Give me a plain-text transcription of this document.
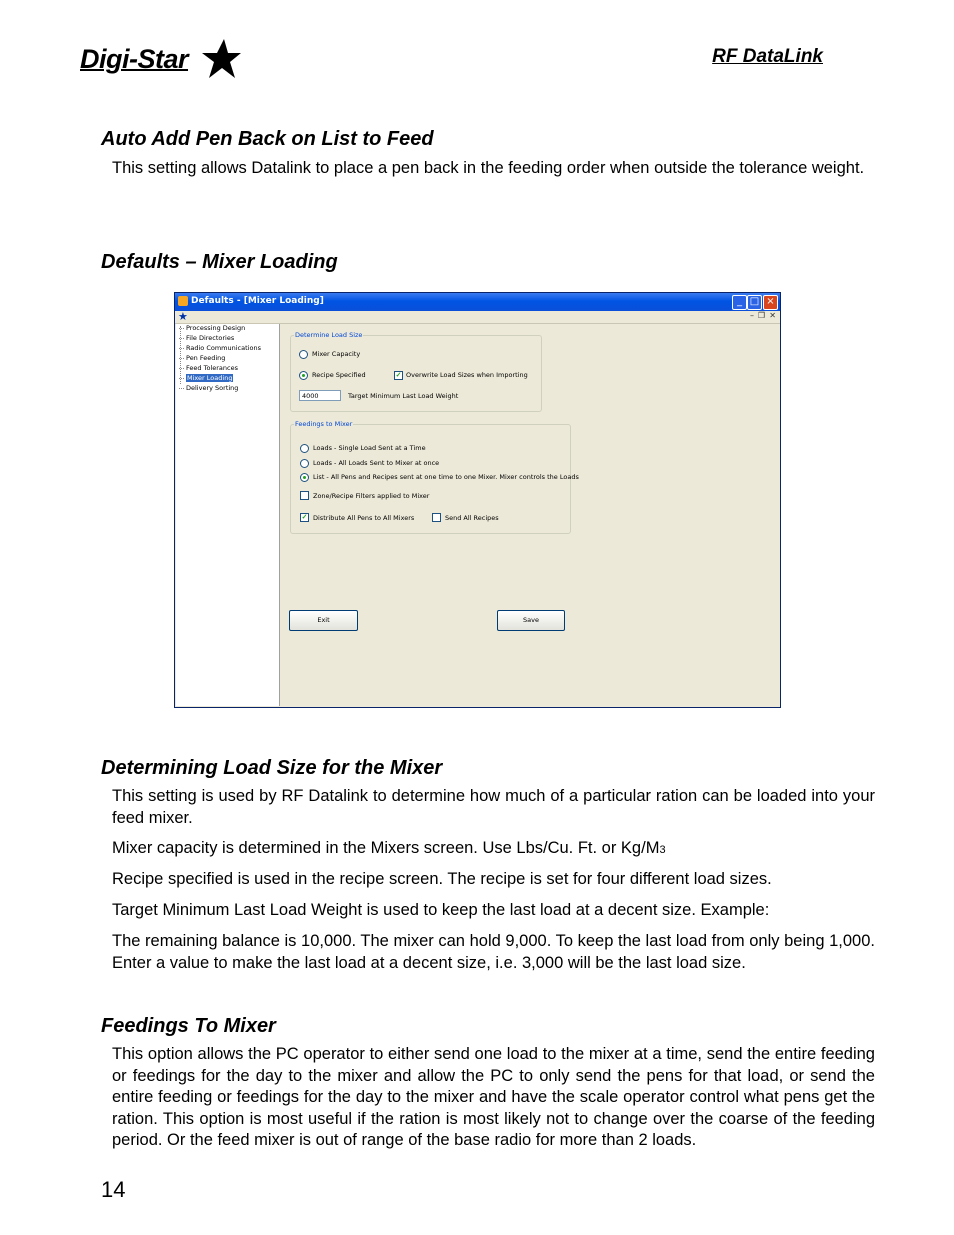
Digi-Star	RF DataLink
Auto Add Pen Back on List to Feed

This setting allows Datalink to place a pen back in the feeding order when outside the tolerance weight.

Defaults – Mixer Loading
Defaults - [Mixer Loading]	_ □ ×
★	– ❐ ✕
Processing Design
File Directories
Radio Communications
Pen Feeding
Feed Tolerances
Mixer Loading
Delivery Sorting
Determine Load Size
Mixer Capacity
Recipe Specified	✓ Overwrite Load Sizes when Importing
4000	Target Minimum Last Load Weight
Feedings to Mixer
Loads - Single Load Sent at a Time
Loads - All Loads Sent to Mixer at once
List - All Pens and Recipes sent at one time to one Mixer. Mixer controls the Loads
Zone/Recipe Filters applied to Mixer
✓ Distribute All Pens to All Mixers	Send All Recipes
Exit	Save
Determining Load Size for the Mixer

This setting is used by RF Datalink to determine how much of a particular ration can be loaded into your feed mixer.

Mixer capacity is determined in the Mixers screen. Use Lbs/Cu. Ft. or Kg/M3

Recipe specified is used in the recipe screen. The recipe is set for four different load sizes.

Target Minimum Last Load Weight is used to keep the last load at a decent size. Example:

The remaining balance is 10,000. The mixer can hold 9,000. To keep the last load from only being 1,000. Enter a value to make the last load at a decent size, i.e. 3,000 will be the last load size.

Feedings To Mixer

This option allows the PC operator to either send one load to the mixer at a time, send the entire feeding or feedings for the day to the mixer and allow the PC to only send the pens for that load, or send the entire feeding or feedings for the day to the mixer and have the scale operator control what pens get the ration. This option is most useful if the ration is most likely not to change over the coarse of the feeding period. Or the feed mixer is out of range of the base radio for more than 2 loads.

14
